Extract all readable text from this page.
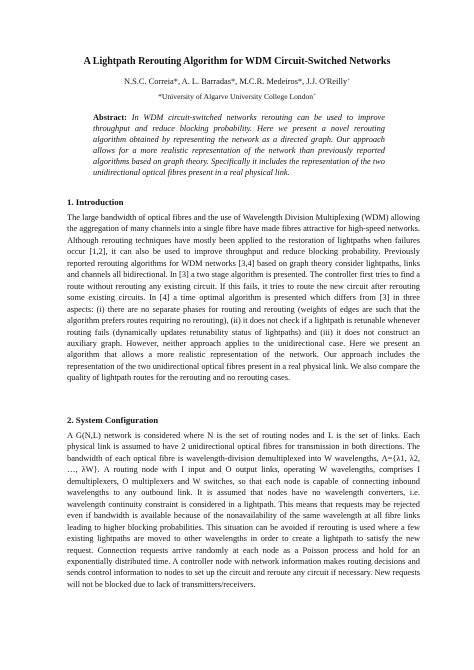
A Lightpath Rerouting Algorithm for WDM Circuit-Switched Networks
N.S.C. Correia*, A. L. Barradas*, M.C.R. Medeiros*, J.J. O'Reilly+
*University of Algarve University College London+
Abstract: In WDM circuit-switched networks rerouting can be used to improve throughput and reduce blocking probability. Here we present a novel rerouting algorithm obtained by representing the network as a directed graph. Our approach allows for a more realistic representation of the network than previously reported algorithms based on graph theory. Specifically it includes the representation of the two unidirectional optical fibres present in a real physical link.
1. Introduction
The large bandwidth of optical fibres and the use of Wavelength Division Multiplexing (WDM) allowing the aggregation of many channels into a single fibre have made fibres attractive for high-speed networks. Although rerouting techniques have mostly been applied to the restoration of lightpaths when failures occur [1,2], it can also be used to improve throughput and reduce blocking probability. Previously reported rerouting algorithms for WDM networks [3,4] based on graph theory consider lightpaths, links and channels all bidirectional. In [3] a two stage algorithm is presented. The controller first tries to find a route without rerouting any existing circuit. If this fails, it tries to route the new circuit after rerouting some existing circuits. In [4] a time optimal algorithm is presented which differs from [3] in three aspects: (i) there are no separate phases for routing and rerouting (weights of edges are such that the algorithm prefers routes requiring no rerouting), (ii) it does not check if a lightpath is retunable whenever routing fails (dynamically updates retunability status of lightpaths) and (iii) it does not construct an auxiliary graph. However, neither approach applies to the unidirectional case. Here we present an algorithm that allows a more realistic representation of the network. Our approach includes the representation of the two unidirectional optical fibres present in a real physical link. We also compare the quality of lightpath routes for the rerouting and no rerouting cases.
2. System Configuration
A G(N,L) network is considered where N is the set of routing nodes and L is the set of links. Each physical link is assumed to have 2 unidirectional optical fibres for transmission in both directions. The bandwidth of each optical fibre is wavelength-division demultiplexed into W wavelengths, Λ={λ1, λ2, …, λW}. A routing node with I input and O output links, operating W wavelengths, comprises I demultiplexers, O multiplexers and W switches, so that each node is capable of connecting inbound wavelengths to any outbound link. It is assumed that nodes have no wavelength converters, i.e. wavelength continuity constraint is considered in a lightpath. This means that requests may be rejected even if bandwidth is available because of the nonavailability of the same wavelength at all fibre links leading to higher blocking probabilities. This situation can be avoided if rerouting is used where a few existing lightpaths are moved to other wavelengths in order to create a lightpath to satisfy the new request. Connection requests arrive randomly at each node as a Poisson process and hold for an exponentially distributed time. A controller node with network information makes routing decisions and sends control information to nodes to set up the circuit and reroute any circuit if necessary. New requests will not be blocked due to lack of transmitters/receivers.
